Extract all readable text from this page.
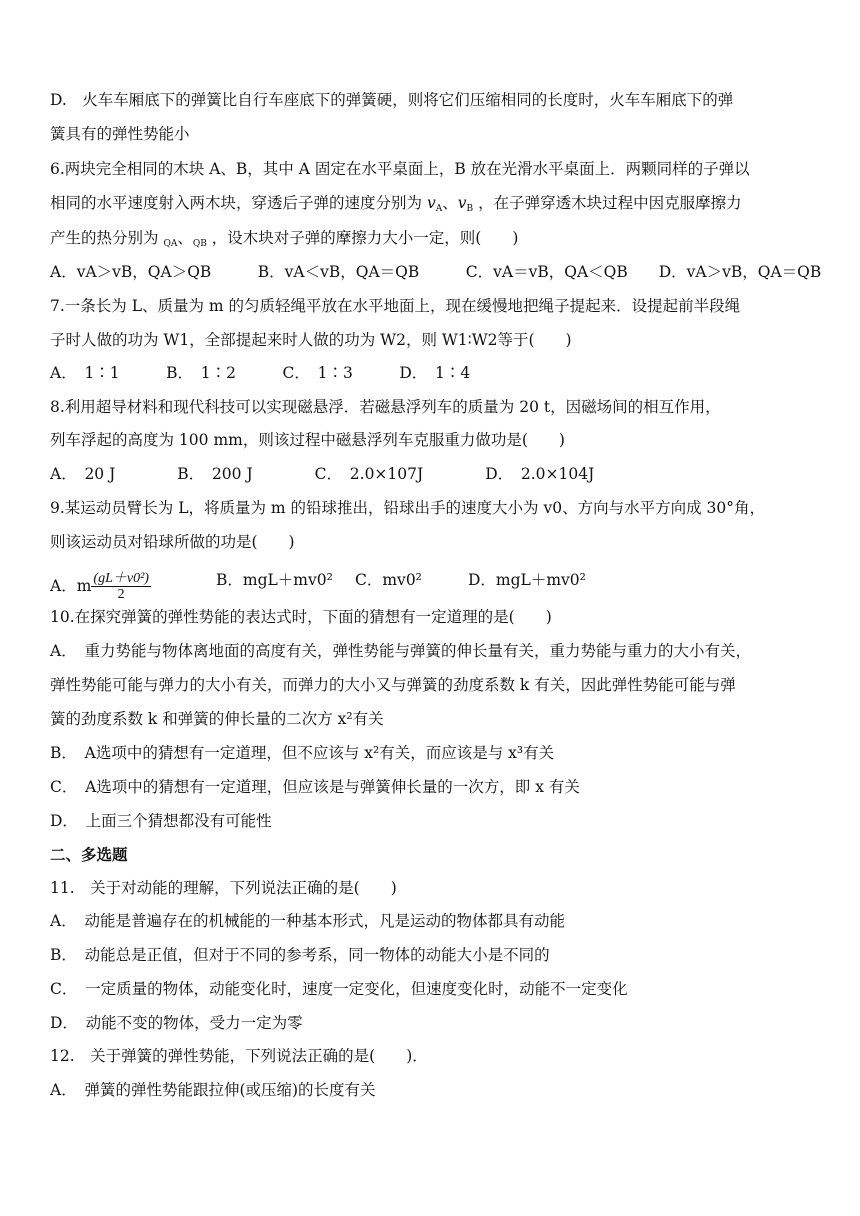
D.　火车车厢底下的弹簧比自行车座底下的弹簧硬，则将它们压缩相同的长度时，火车车厢底下的弹
簧具有的弹性势能小
6.两块完全相同的木块 A、B，其中 A 固定在水平桌面上，B 放在光滑水平桌面上．两颗同样的子弹以
相同的水平速度射入两木块，穿透后子弹的速度分别为 $v_A$、$v_B$ ，在子弹穿透木块过程中因克服摩擦力
产生的热分别为 $_{QA}$、$_{QB}$ ，设木块对子弹的摩擦力大小一定，则(　　)
A．vA＞vB，QA＞QB　　　B．vA＜vB，QA＝QB　　　C．vA＝vB，QA＜QB　　D．vA＞vB，QA＝QB
7.一条长为 L、质量为 m 的匀质轻绳平放在水平地面上，现在缓慢地把绳子提起来．设提起前半段绳
子时人做的功为 W1，全部提起来时人做的功为 W2，则 W1∶W2等于(　　)
A．　1∶1　　　B．　1∶2　　　C．　1∶3　　　D．　1∶4
8.利用超导材料和现代科技可以实现磁悬浮．若磁悬浮列车的质量为 20 t，因磁场间的相互作用，
列车浮起的高度为 100 mm，则该过程中磁悬浮列车克服重力做功是(　　)
A．　20 J　　　　B．　200 J　　　　C．　2.0×107J　　　　D．　2.0×104J
9.某运动员臂长为 L，将质量为 m 的铅球推出，铅球出手的速度大小为 v0、方向与水平方向成 30°角，
则该运动员对铅球所做的功是(　　)
A．m $\frac{\text{(gL＋v0²)}}{2}$	B．mgL＋mv0² C．mv0²	D．mgL＋mv0²
10.在探究弹簧的弹性势能的表达式时，下面的猜想有一定道理的是(　　)
A．　重力势能与物体离地面的高度有关，弹性势能与弹簧的伸长量有关，重力势能与重力的大小有关，
弹性势能可能与弹力的大小有关，而弹力的大小又与弹簧的劲度系数 k 有关，因此弹性势能可能与弹
簧的劲度系数 k 和弹簧的伸长量的二次方 x²有关
B．　A选项中的猜想有一定道理，但不应该与 x²有关，而应该是与 x³有关
C．　A选项中的猜想有一定道理，但应该是与弹簧伸长量的一次方，即 x 有关
D．　上面三个猜想都没有可能性
二、多选题
11.　关于对动能的理解，下列说法正确的是(　　)
A．　动能是普遍存在的机械能的一种基本形式，凡是运动的物体都具有动能
B．　动能总是正值，但对于不同的参考系，同一物体的动能大小是不同的
C．　一定质量的物体，动能变化时，速度一定变化，但速度变化时，动能不一定变化
D．　动能不变的物体，受力一定为零
12.　关于弹簧的弹性势能，下列说法正确的是(　　)．
A．　弹簧的弹性势能跟拉伸(或压缩)的长度有关
